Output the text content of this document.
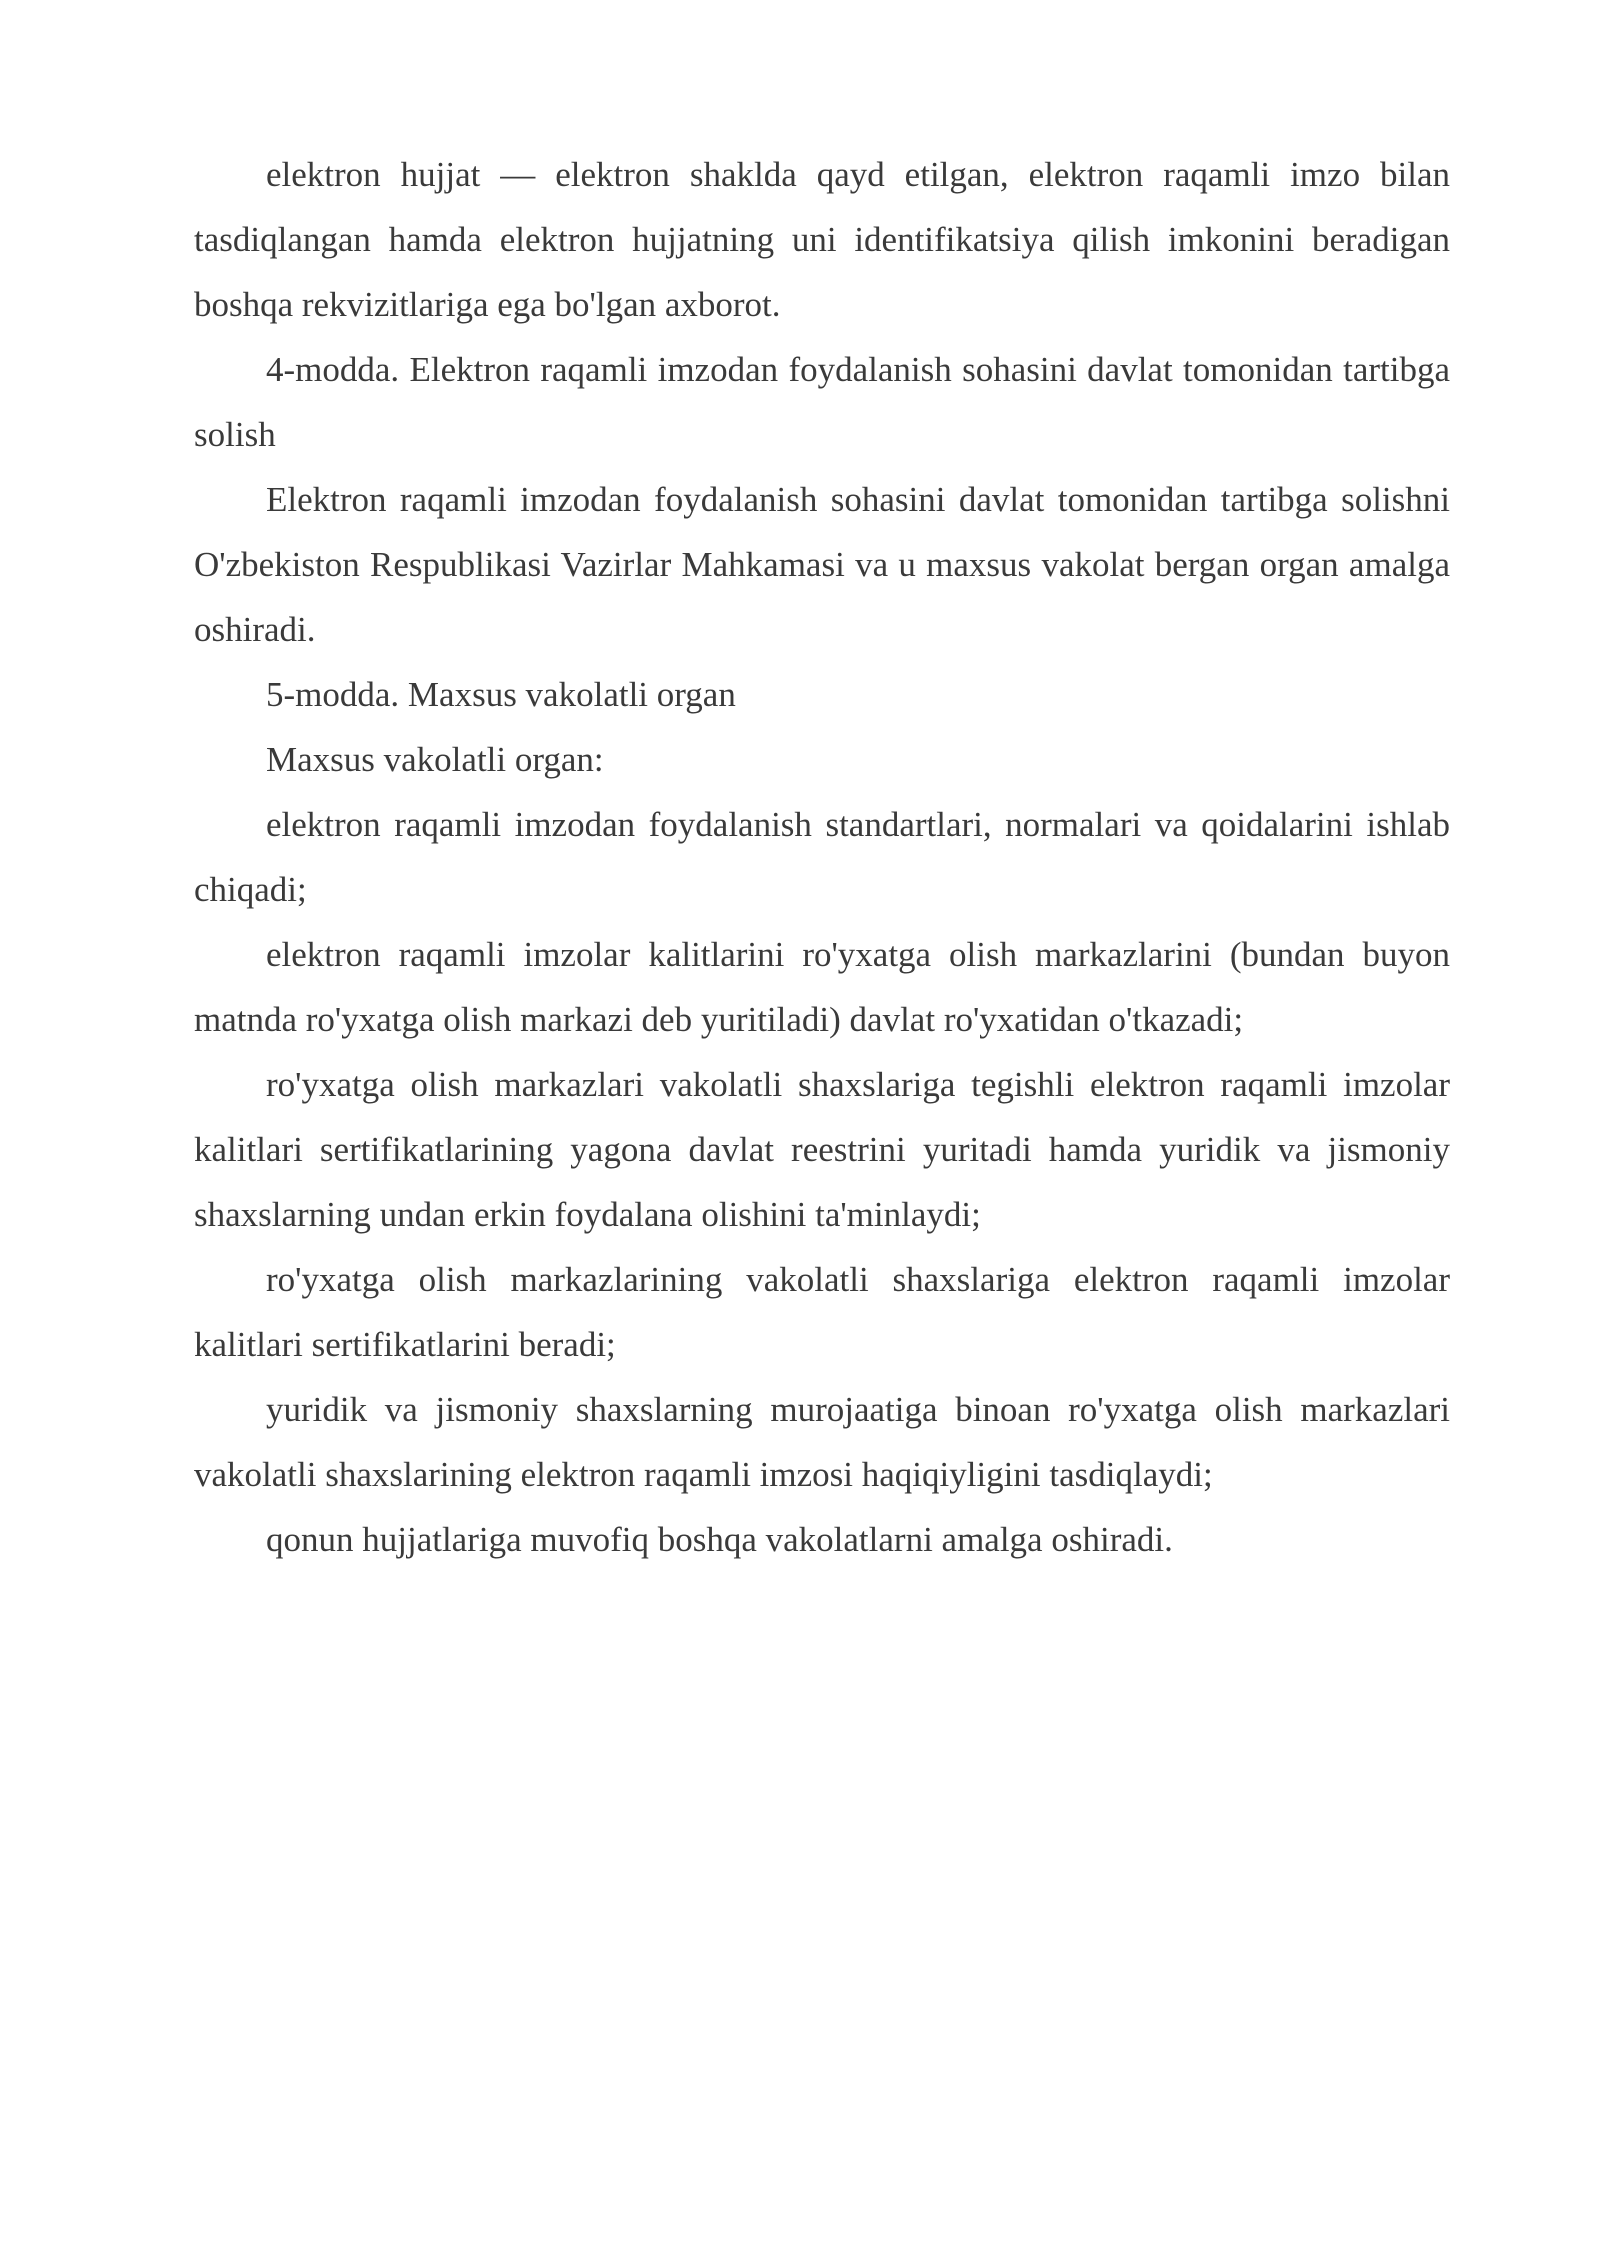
elektron hujjat — elektron shaklda qayd etilgan, elektron raqamli imzo bilan tasdiqlangan hamda elektron hujjatning uni identifikatsiya qilish imkonini beradigan boshqa rekvizitlariga ega bo'lgan axborot.

4-modda. Elektron raqamli imzodan foydalanish sohasini davlat tomonidan tartibga solish

Elektron raqamli imzodan foydalanish sohasini davlat tomonidan tartibga solishni O'zbekiston Respublikasi Vazirlar Mahkamasi va u maxsus vakolat bergan organ amalga oshiradi.

5-modda. Maxsus vakolatli organ

Maxsus vakolatli organ:

elektron raqamli imzodan foydalanish standartlari, normalari va qoidalarini ishlab chiqadi;

elektron raqamli imzolar kalitlarini ro'yxatga olish markazlarini (bundan buyon matnda ro'yxatga olish markazi deb yuritiladi) davlat ro'yxatidan o'tkazadi;

ro'yxatga olish markazlari vakolatli shaxslariga tegishli elektron raqamli imzolar kalitlari sertifikatlarining yagona davlat reestrini yuritadi hamda yuridik va jismoniy shaxslarning undan erkin foydalana olishini ta'minlaydi;

ro'yxatga olish markazlarining vakolatli shaxslariga elektron raqamli imzolar kalitlari sertifikatlarini beradi;

yuridik va jismoniy shaxslarning murojaatiga binoan ro'yxatga olish markazlari vakolatli shaxslarining elektron raqamli imzosi haqiqiyligini tasdiqlaydi;

qonun hujjatlariga muvofiq boshqa vakolatlarni amalga oshiradi.
